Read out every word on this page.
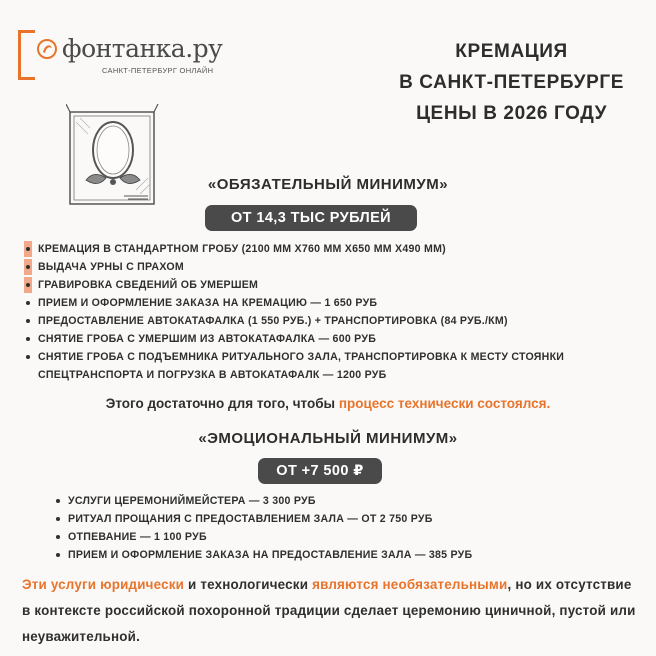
фонтанка.ру
САНКТ-ПЕТЕРБУРГ ОНЛАЙН
КРЕМАЦИЯ
В САНКТ-ПЕТЕРБУРГЕ
ЦЕНЫ В 2026 ГОДУ
«ОБЯЗАТЕЛЬНЫЙ МИНИМУМ»
ОТ 14,3 ТЫС РУБЛЕЙ
КРЕМАЦИЯ В СТАНДАРТНОМ ГРОБУ (2100 ММ Х760 ММ Х650 ММ Х490 ММ)
ВЫДАЧА УРНЫ С ПРАХОМ
ГРАВИРОВКА СВЕДЕНИЙ ОБ УМЕРШЕМ
ПРИЕМ И ОФОРМЛЕНИЕ ЗАКАЗА НА КРЕМАЦИЮ — 1 650 РУБ
ПРЕДОСТАВЛЕНИЕ АВТОКАТАФАЛКА (1 550 РУБ.) + ТРАНСПОРТИРОВКА (84 РУБ./КМ)
СНЯТИЕ ГРОБА С УМЕРШИМ ИЗ АВТОКАТАФАЛКА — 600 РУБ
СНЯТИЕ ГРОБА С ПОДЪЕМНИКА РИТУАЛЬНОГО ЗАЛА, ТРАНСПОРТИРОВКА К МЕСТУ СТОЯНКИ СПЕЦТРАНСПОРТА И ПОГРУЗКА В АВТОКАТАФАЛК — 1200 РУБ
Этого достаточно для того, чтобы процесс технически состоялся.
«ЭМОЦИОНАЛЬНЫЙ МИНИМУМ»
ОТ +7 500 ₽
УСЛУГИ ЦЕРЕМОНИЙМЕЙСТЕРА — 3 300 РУБ
РИТУАЛ ПРОЩАНИЯ С ПРЕДОСТАВЛЕНИЕМ ЗАЛА — ОТ 2 750 РУБ
ОТПЕВАНИЕ — 1 100 РУБ
ПРИЕМ И ОФОРМЛЕНИЕ ЗАКАЗА НА ПРЕДОСТАВЛЕНИЕ ЗАЛА — 385 РУБ
Эти услуги юридически и технологически являются необязательными, но их отсутствие в контексте российской похоронной традиции сделает церемонию циничной, пустой или неуважительной.
